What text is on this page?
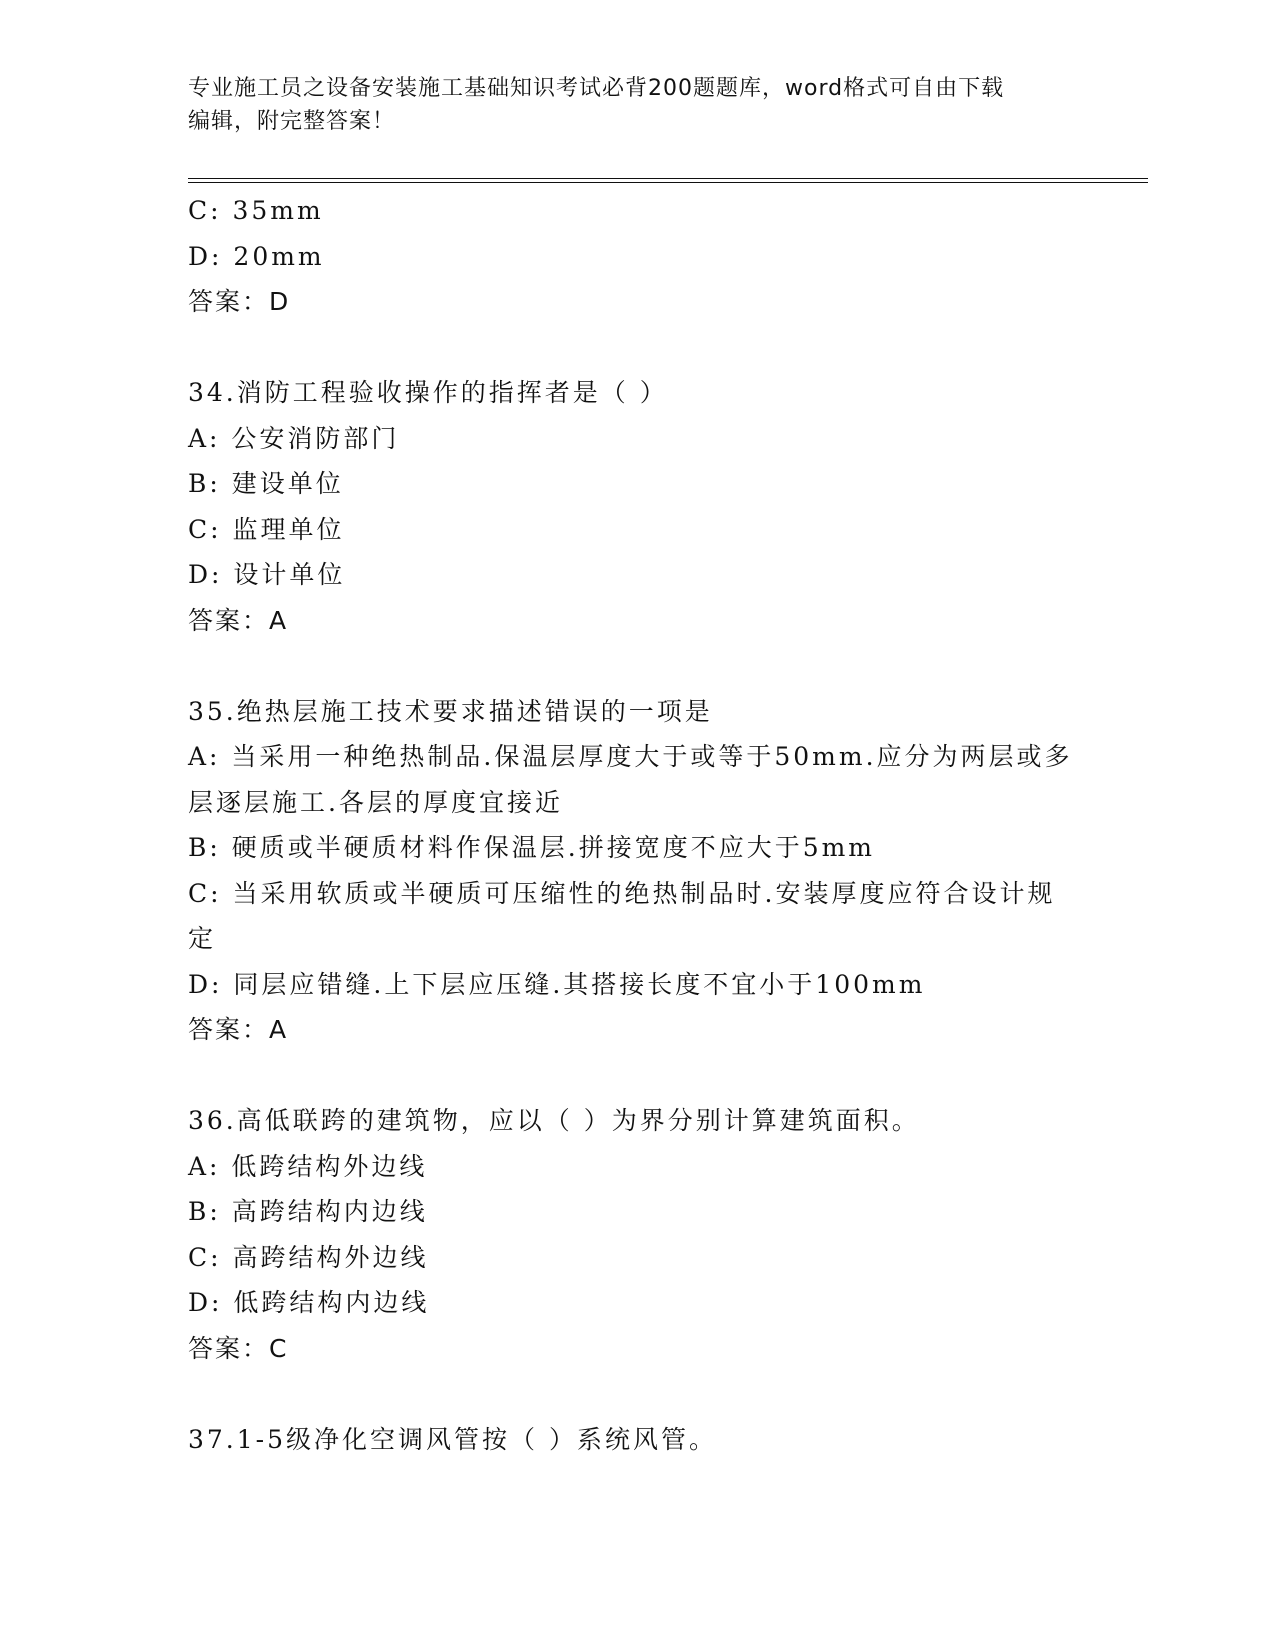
专业施工员之设备安装施工基础知识考试必背200题题库，word格式可自由下载
编辑，附完整答案！
C: 35mm
D: 20mm
答案：D
34.消防工程验收操作的指挥者是（ ）
A: 公安消防部门
B: 建设单位
C: 监理单位
D: 设计单位
答案：A
35.绝热层施工技术要求描述错误的一项是
A: 当采用一种绝热制品.保温层厚度大于或等于50mm.应分为两层或多层逐层施工.各层的厚度宜接近
B: 硬质或半硬质材料作保温层.拼接宽度不应大于5mm
C: 当采用软质或半硬质可压缩性的绝热制品时.安装厚度应符合设计规定
D: 同层应错缝.上下层应压缝.其搭接长度不宜小于100mm
答案：A
36.高低联跨的建筑物，应以（ ）为界分别计算建筑面积。
A: 低跨结构外边线
B: 高跨结构内边线
C: 高跨结构外边线
D: 低跨结构内边线
答案：C
37.1-5级净化空调风管按（ ）系统风管。
